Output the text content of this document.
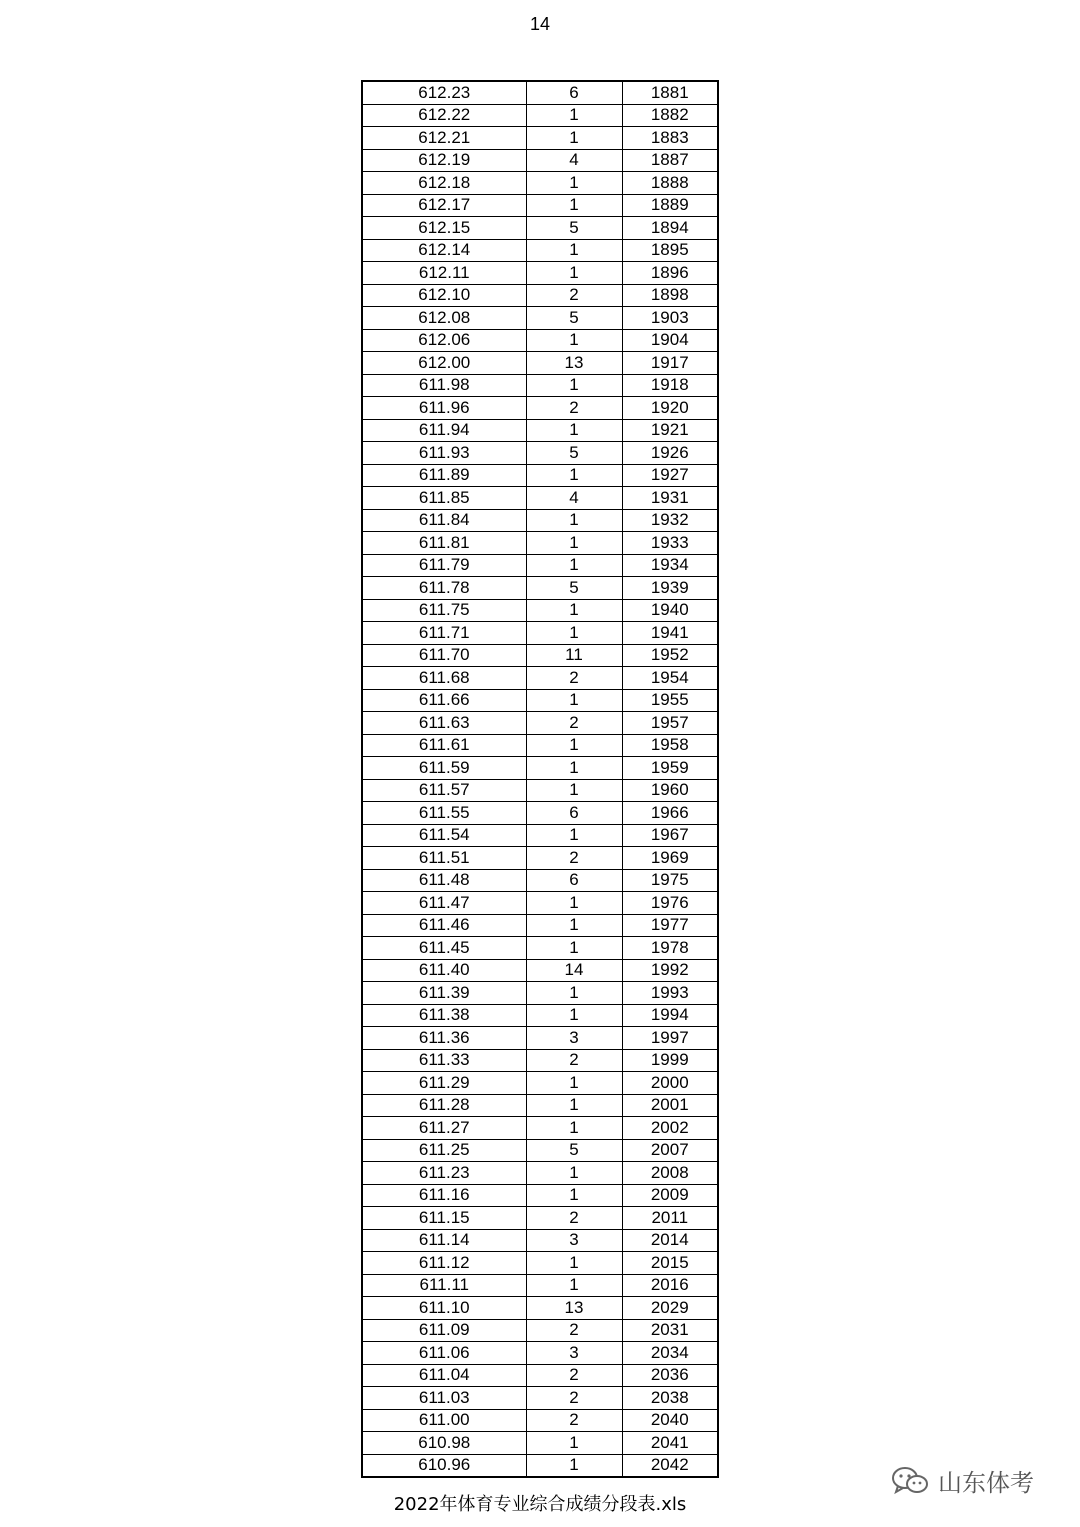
14
612.23	6	1881
612.22	1	1882
612.21	1	1883
612.19	4	1887
612.18	1	1888
612.17	1	1889
612.15	5	1894
612.14	1	1895
612.11	1	1896
612.10	2	1898
612.08	5	1903
612.06	1	1904
612.00	13	1917
611.98	1	1918
611.96	2	1920
611.94	1	1921
611.93	5	1926
611.89	1	1927
611.85	4	1931
611.84	1	1932
611.81	1	1933
611.79	1	1934
611.78	5	1939
611.75	1	1940
611.71	1	1941
611.70	11	1952
611.68	2	1954
611.66	1	1955
611.63	2	1957
611.61	1	1958
611.59	1	1959
611.57	1	1960
611.55	6	1966
611.54	1	1967
611.51	2	1969
611.48	6	1975
611.47	1	1976
611.46	1	1977
611.45	1	1978
611.40	14	1992
611.39	1	1993
611.38	1	1994
611.36	3	1997
611.33	2	1999
611.29	1	2000
611.28	1	2001
611.27	1	2002
611.25	5	2007
611.23	1	2008
611.16	1	2009
611.15	2	2011
611.14	3	2014
611.12	1	2015
611.11	1	2016
611.10	13	2029
611.09	2	2031
611.06	3	2034
611.04	2	2036
611.03	2	2038
611.00	2	2040
610.98	1	2041
610.96	1	2042
2022年体育专业综合成绩分段表.xls
山东体考
